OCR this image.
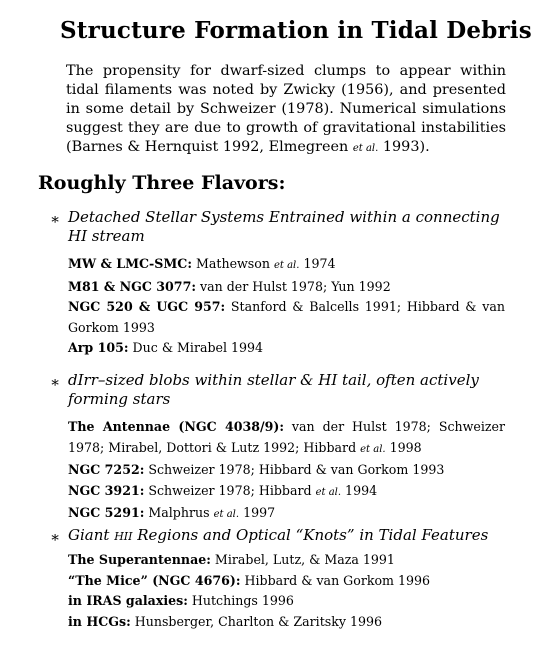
Structure Formation in Tidal Debris
The propensity for dwarf-sized clumps to appear within tidal filaments was noted by Zwicky (1956), and presented in some detail by Schweizer (1978). Numerical simulations suggest they are due to growth of gravitational instabilities (Barnes & Hernquist 1992, Elmegreen et al. 1993).
Roughly Three Flavors:
∗ Detached Stellar Systems Entrained within a connecting HI stream
MW & LMC-SMC: Mathewson et al. 1974
M81 & NGC 3077: van der Hulst 1978; Yun 1992
NGC 520 & UGC 957: Stanford & Balcells 1991; Hibbard & van Gorkom 1993
Arp 105: Duc & Mirabel 1994
∗ dIrr–sized blobs within stellar & HI tail, often actively forming stars
The Antennae (NGC 4038/9): van der Hulst 1978; Schweizer 1978; Mirabel, Dottori & Lutz 1992; Hibbard et al. 1998
NGC 7252: Schweizer 1978; Hibbard & van Gorkom 1993
NGC 3921: Schweizer 1978; Hibbard et al. 1994
NGC 5291: Malphrus et al. 1997
∗ Giant HII Regions and Optical “Knots” in Tidal Features
The Superantennae: Mirabel, Lutz, & Maza 1991
“The Mice” (NGC 4676): Hibbard & van Gorkom 1996
in IRAS galaxies: Hutchings 1996
in HCGs: Hunsberger, Charlton & Zaritsky 1996
